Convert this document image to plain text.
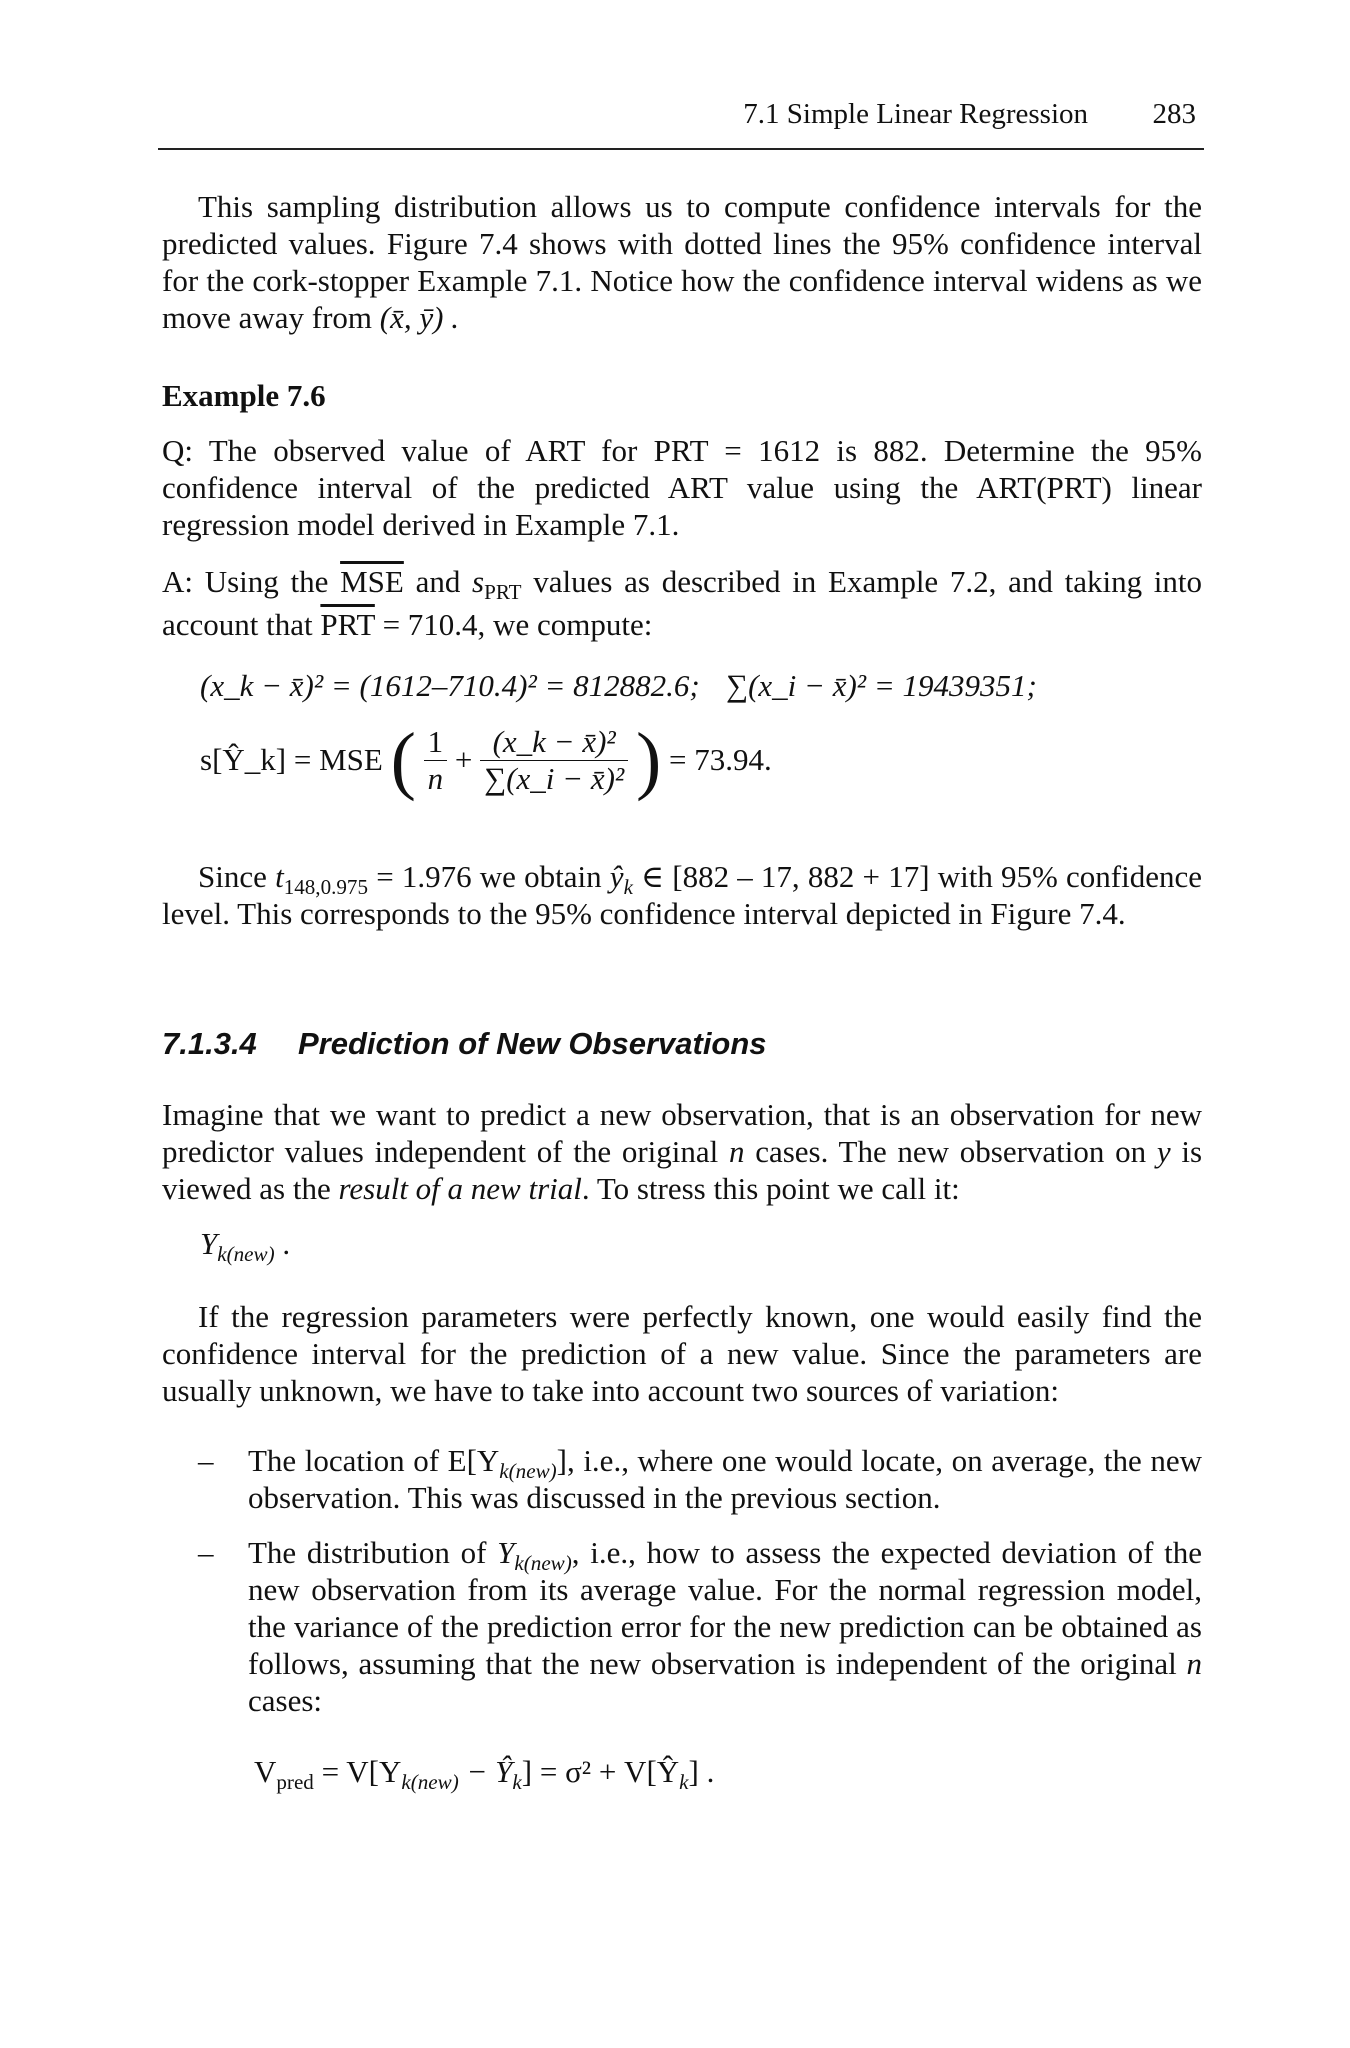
7.1 Simple Linear Regression 283

This sampling distribution allows us to compute confidence intervals for the predicted values. Figure 7.4 shows with dotted lines the 95% confidence interval for the cork-stopper Example 7.1. Notice how the confidence interval widens as we move away from (x̄, ȳ) .

Example 7.6

Q: The observed value of ART for PRT = 1612 is 882. Determine the 95% confidence interval of the predicted ART value using the ART(PRT) linear regression model derived in Example 7.1.

A: Using the $\overline{MSE}$ and $s_{PRT}$ values as described in Example 7.2, and taking into account that $\overline{PRT} = 710.4$, we compute:

(x_k − x̄)² = (1612–710.4)² = 812882.6; ∑(x_i − x̄)² = 19439351;
s[Ŷ_k] = MSE ( $\frac{1}{n} + \frac{\text{(x\_k − x̄)²}}{\text{∑(x\_i − x̄)²}}$ ) = 73.94.

Since $t_{148,0.975} = 1.976$ we obtain $ŷ_k$ ∈ [882 – 17, 882 + 17] with 95% confidence level. This corresponds to the 95% confidence interval depicted in Figure 7.4.

7.1.3.4 Prediction of New Observations

Imagine that we want to predict a new observation, that is an observation for new predictor values independent of the original n cases. The new observation on y is viewed as the result of a new trial. To stress this point we call it:

$Y_{k(new)}$ .

If the regression parameters were perfectly known, one would easily find the confidence interval for the prediction of a new value. Since the parameters are usually unknown, we have to take into account two sources of variation:

– The location of $E[Y_{k(new)}]$, i.e., where one would locate, on average, the new observation. This was discussed in the previous section.
– The distribution of $Y_{k(new)}$, i.e., how to assess the expected deviation of the new observation from its average value. For the normal regression model, the variance of the prediction error for the new prediction can be obtained as follows, assuming that the new observation is independent of the original n cases:
$V_{pred} = V[Y_{k(new)}$ − $Ŷ_k] = \sigma^2$ + $V[Ŷ_k]$ .
